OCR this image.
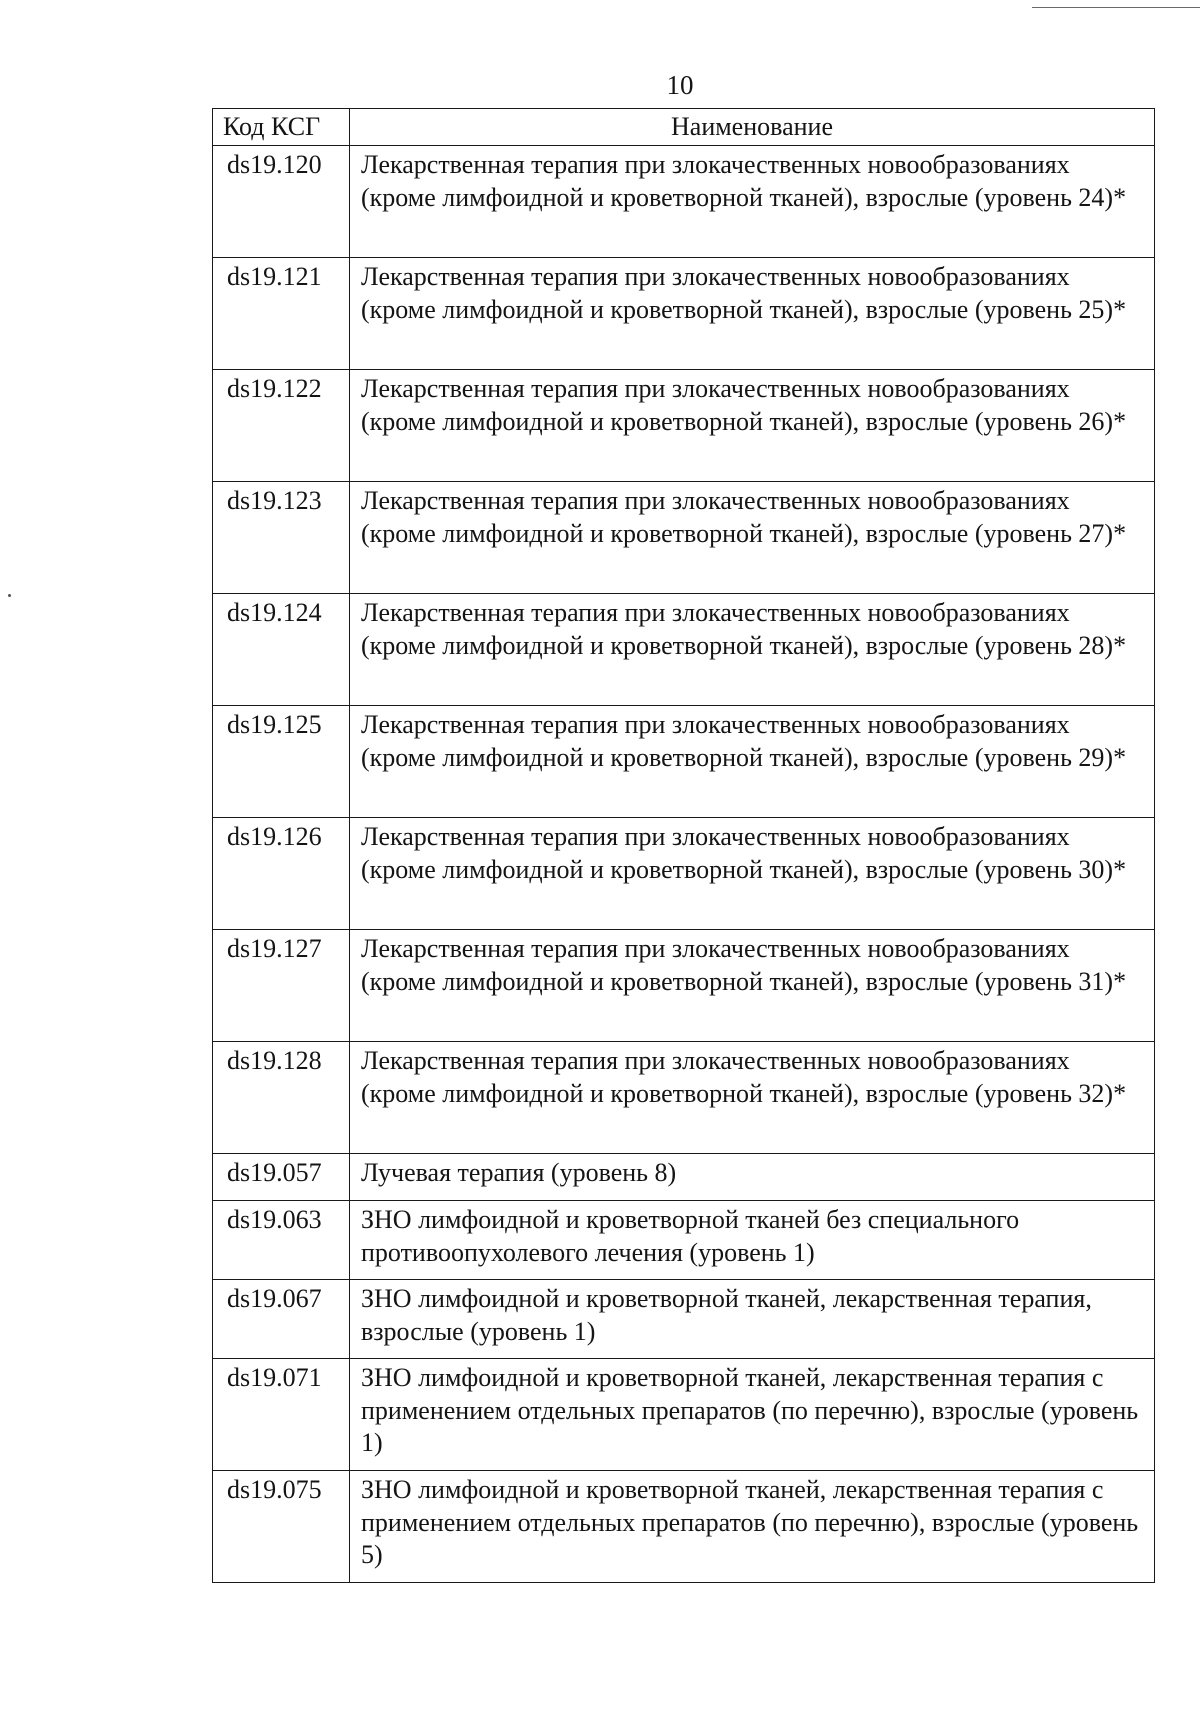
10
Код КСГ	Наименование
ds19.120	Лекарственная терапия при злокачественных новообразованиях (кроме лимфоидной и кроветворной тканей), взрослые (уровень 24)*
ds19.121	Лекарственная терапия при злокачественных новообразованиях (кроме лимфоидной и кроветворной тканей), взрослые (уровень 25)*
ds19.122	Лекарственная терапия при злокачественных новообразованиях (кроме лимфоидной и кроветворной тканей), взрослые (уровень 26)*
ds19.123	Лекарственная терапия при злокачественных новообразованиях (кроме лимфоидной и кроветворной тканей), взрослые (уровень 27)*
ds19.124	Лекарственная терапия при злокачественных новообразованиях (кроме лимфоидной и кроветворной тканей), взрослые (уровень 28)*
ds19.125	Лекарственная терапия при злокачественных новообразованиях (кроме лимфоидной и кроветворной тканей), взрослые (уровень 29)*
ds19.126	Лекарственная терапия при злокачественных новообразованиях (кроме лимфоидной и кроветворной тканей), взрослые (уровень 30)*
ds19.127	Лекарственная терапия при злокачественных новообразованиях (кроме лимфоидной и кроветворной тканей), взрослые (уровень 31)*
ds19.128	Лекарственная терапия при злокачественных новообразованиях (кроме лимфоидной и кроветворной тканей), взрослые (уровень 32)*
ds19.057	Лучевая терапия (уровень 8)
ds19.063	ЗНО лимфоидной и кроветворной тканей без специального противоопухолевого лечения (уровень 1)
ds19.067	ЗНО лимфоидной и кроветворной тканей, лекарственная терапия, взрослые (уровень 1)
ds19.071	ЗНО лимфоидной и кроветворной тканей, лекарственная терапия с применением отдельных препаратов (по перечню), взрослые (уровень 1)
ds19.075	ЗНО лимфоидной и кроветворной тканей, лекарственная терапия с применением отдельных препаратов (по перечню), взрослые (уровень 5)
